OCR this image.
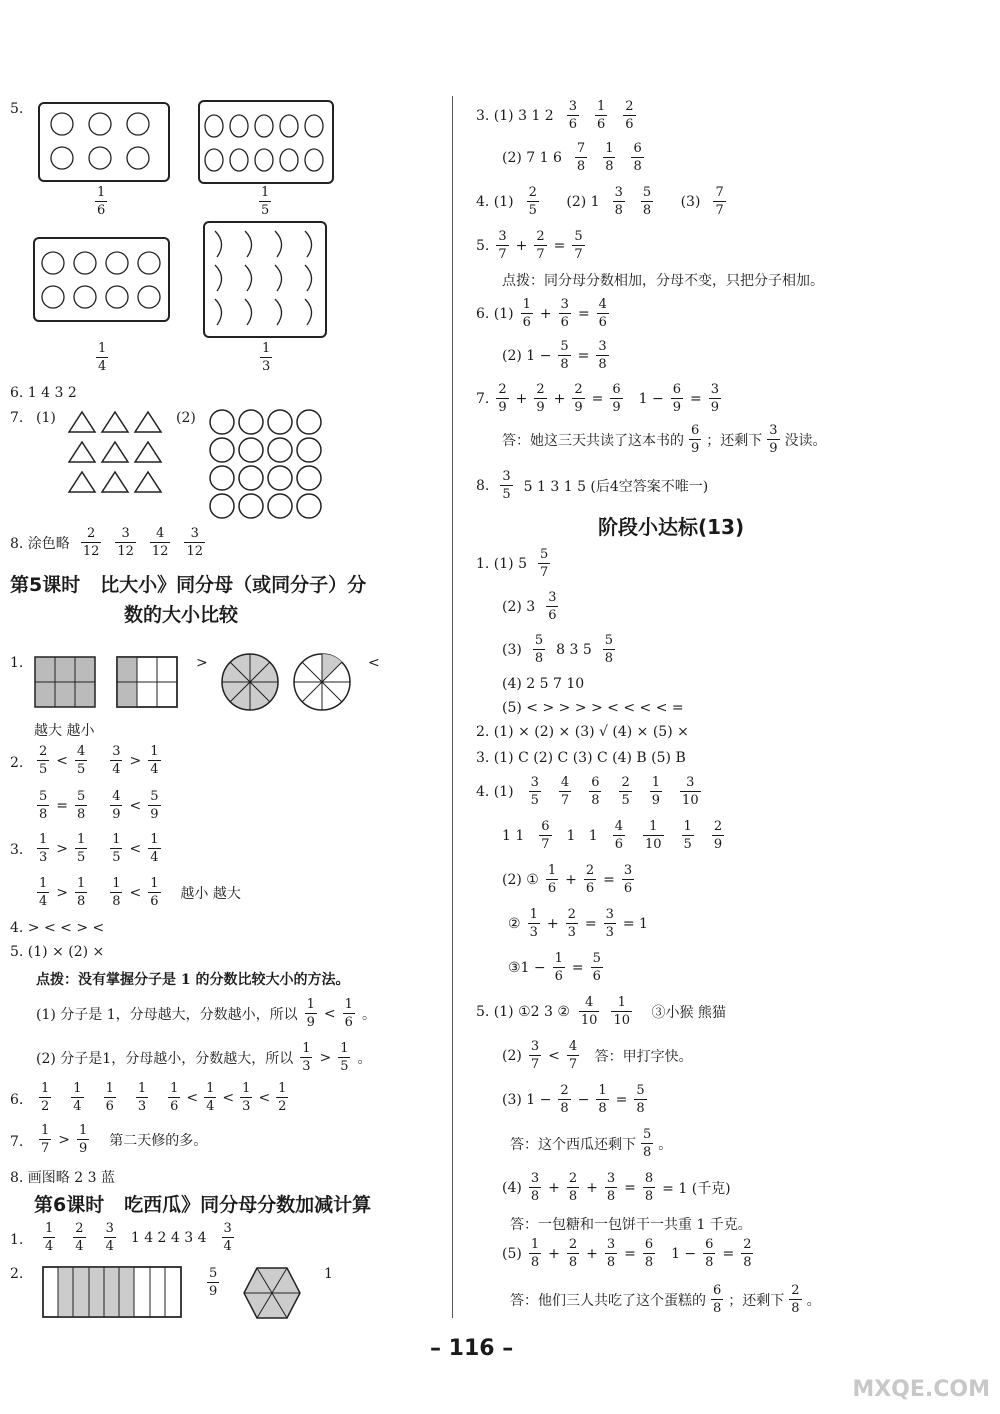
5.
$\frac{1}{6}$	$\frac{1}{5}$
$\frac{1}{4}$	$\frac{1}{3}$
6. 1 4 3 2
7. (1)	(2)
8. 涂色略 $\frac{2}{12} \frac{3}{12} \frac{4}{12} \frac{3}{12}$
第5课时 比大小》同分母（或同分子）分
数的大小比较
1.	>	<
越大 越小
2. $\frac{2}{5} < \frac{4}{5}$
$\frac{3}{4} > \frac{1}{4}$
$\frac{5}{8} = \frac{5}{8}$
$\frac{4}{9} < \frac{5}{9}$
3. $\frac{1}{3} > \frac{1}{5}$
$\frac{1}{5} < \frac{1}{4}$
$\frac{1}{4} > \frac{1}{8}$
$\frac{1}{8} < \frac{1}{6}$
越小 越大
4. > < < > <
5. (1) × (2) ×
点拨：没有掌握分子是 1 的分数比较大小的方法。
(1) 分子是 1，分母越大，分数越小，所以 $\frac{1}{9} < \frac{1}{6}$ 。
(2) 分子是1，分母越小，分数越大，所以 $\frac{1}{3} > \frac{1}{5}$ 。
6. $\frac{1}{2} \frac{1}{4} \frac{1}{6} \frac{1}{3} \frac{1}{6} < \frac{1}{4} < \frac{1}{3} < \frac{1}{2}$
7. $\frac{1}{7} > \frac{1}{9}$
第二天修的多。
8. 画图略 2 3 蓝
第6课时 吃西瓜》同分母分数加减计算
1. $\frac{1}{4} \frac{2}{4} \frac{3}{4} 1$ 4 2 4 3 $4 \frac{3}{4}$
2.	$\frac{5}{9}$	1
3. (1) 3 1 $2 \frac{3}{6} \frac{1}{6} \frac{2}{6}$
(2) 7 1 $6 \frac{7}{8} \frac{1}{8} \frac{6}{8}$
4. $(1) \frac{2}{5}$
(2) $1 \frac{3}{8} \frac{5}{8}$
$(3) \frac{7}{7}$
5. $\frac{3}{7} + \frac{2}{7} = \frac{5}{7}$
点拨：同分母分数相加，分母不变，只把分子相加。
6. $(1) \frac{1}{6} + \frac{3}{6} = \frac{4}{6}$
(2) $1 - \frac{5}{8} = \frac{3}{8}$
7. $\frac{2}{9} + \frac{2}{9} + \frac{2}{9} = \frac{6}{9} 1 - \frac{6}{9} = \frac{3}{9}$
答：她这三天共读了这本书的 $\frac{6}{9}$ ；还剩下 $\frac{3}{9}$ 没读。
8. $\frac{3}{5} 5$ 1 3 1 5 (后4空答案不唯一)
阶段小达标(13)
1. (1) $5 \frac{5}{7}$
(2) $3 \frac{3}{6}$
$(3) \frac{5}{8} 8$ 3 $5 \frac{5}{8}$
(4) 2 5 7 10
(5) < > > > > < < < < =
2. (1) × (2) × (3) √ (4) × (5) ×
3. (1) C (2) C (3) C (4) B (5) B
4. $(1) \frac{3}{5} \frac{4}{7} \frac{6}{8} \frac{2}{5} \frac{1}{9} \frac{3}{10}$
1 $1 \frac{6}{7} 1$   $1 \frac{4}{6} \frac{1}{10} \frac{1}{5} \frac{2}{9}$
(2) ① $\frac{1}{6} + \frac{2}{6} = \frac{3}{6}$
② $\frac{1}{3} + \frac{2}{3} = \frac{3}{3} = 1$
③1 − $\frac{1}{6} = \frac{5}{6}$
5. (1) ①2 3 ② $\frac{4}{10} \frac{1}{10}$
③小猴 熊猫
$(2) \frac{3}{7} < \frac{4}{7}$
答：甲打字快。
(3) $1 - \frac{2}{8} - \frac{1}{8} = \frac{5}{8}$
答：这个西瓜还剩下 $\frac{5}{8}$ 。
$(4) \frac{3}{8} + \frac{2}{8} + \frac{3}{8} = \frac{8}{8} = 1$ (千克)
答：一包糖和一包饼干一共重 1 千克。
$(5) \frac{1}{8} + \frac{2}{8} + \frac{3}{8} = \frac{6}{8} 1 - \frac{6}{8} = \frac{2}{8}$
答：他们三人共吃了这个蛋糕的 $\frac{6}{8}$ ；还剩下 $\frac{2}{8}$ 。
– 116 –
MXQE.COM
